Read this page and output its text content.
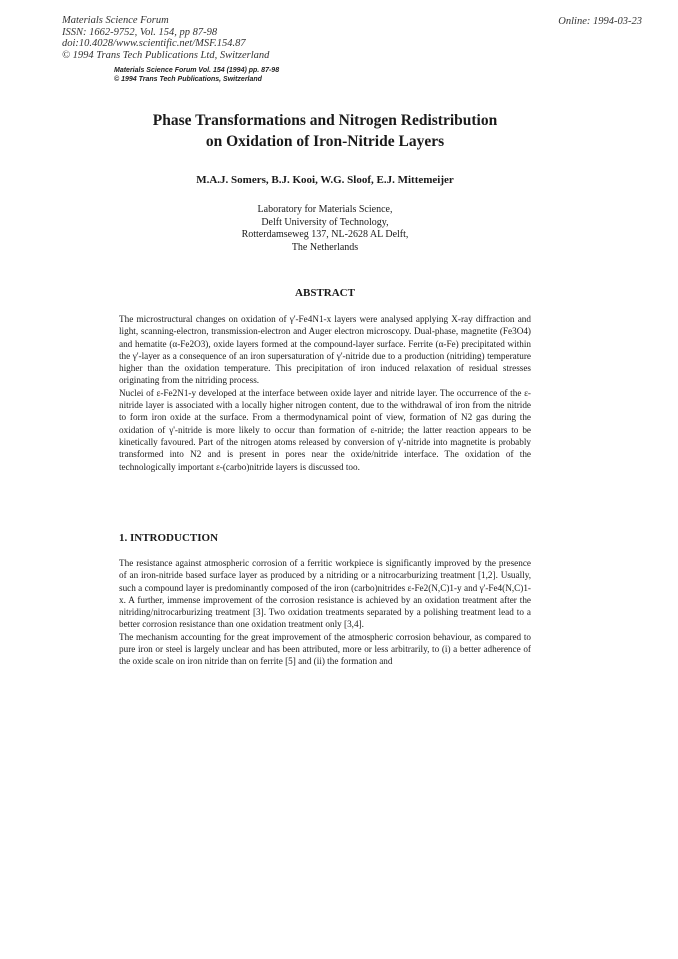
Materials Science Forum
ISSN: 1662-9752, Vol. 154, pp 87-98
doi:10.4028/www.scientific.net/MSF.154.87
© 1994 Trans Tech Publications Ltd, Switzerland
Online: 1994-03-23
Materials Science Forum Vol. 154 (1994) pp. 87-98
© 1994 Trans Tech Publications, Switzerland
Phase Transformations and Nitrogen Redistribution
on Oxidation of Iron-Nitride Layers
M.A.J. Somers, B.J. Kooi, W.G. Sloof, E.J. Mittemeijer
Laboratory for Materials Science,
Delft University of Technology,
Rotterdamseweg 137, NL-2628 AL Delft,
The Netherlands
ABSTRACT

The microstructural changes on oxidation of γ'-Fe4N1-x layers were analysed applying X-ray diffraction and light, scanning-electron, transmission-electron and Auger electron microscopy. Dual-phase, magnetite (Fe3O4) and hematite (α-Fe2O3), oxide layers formed at the compound-layer surface. Ferrite (α-Fe) precipitated within the γ'-layer as a consequence of an iron supersaturation of γ'-nitride due to a production (nitriding) temperature higher than the oxidation temperature. This precipitation of iron induced relaxation of residual stresses originating from the nitriding process.

Nuclei of ε-Fe2N1-y developed at the interface between oxide layer and nitride layer. The occurrence of the ε-nitride layer is associated with a locally higher nitrogen content, due to the withdrawal of iron from the nitride to form iron oxide at the surface. From a thermodynamical point of view, formation of N2 gas during the oxidation of γ'-nitride is more likely to occur than formation of ε-nitride; the latter reaction appears to be kinetically favoured. Part of the nitrogen atoms released by conversion of γ'-nitride into magnetite is probably transformed into N2 and is present in pores near the oxide/nitride interface. The oxidation of the technologically important ε-(carbo)nitride layers is discussed too.

1. INTRODUCTION

The resistance against atmospheric corrosion of a ferritic workpiece is significantly improved by the presence of an iron-nitride based surface layer as produced by a nitriding or a nitrocarburizing treatment [1,2]. Usually, such a compound layer is predominantly composed of the iron (carbo)nitrides ε-Fe2(N,C)1-y and γ'-Fe4(N,C)1-x. A further, immense improvement of the corrosion resistance is achieved by an oxidation treatment after the nitriding/nitrocarburizing treatment [3]. Two oxidation treatments separated by a polishing treatment lead to a better corrosion resistance than one oxidation treatment only [3,4].

The mechanism accounting for the great improvement of the atmospheric corrosion behaviour, as compared to pure iron or steel is largely unclear and has been attributed, more or less arbitrarily, to (i) a better adherence of the oxide scale on iron nitride than on ferrite [5] and (ii) the formation and
